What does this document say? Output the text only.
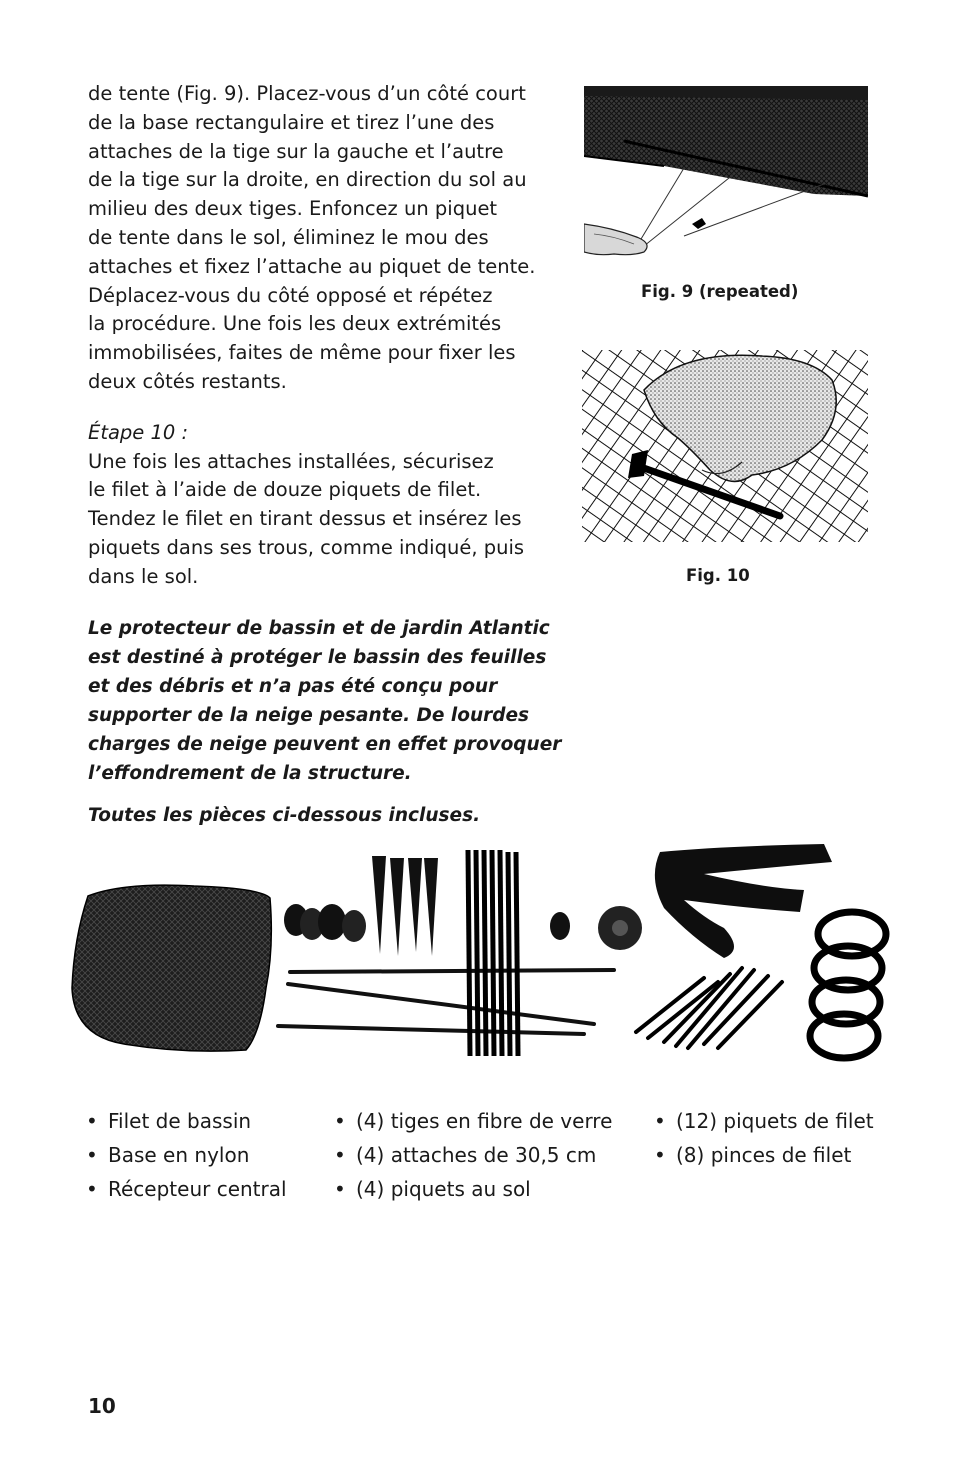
de tente (Fig. 9). Placez-vous d’un côté court
de la base rectangulaire et tirez l’une des
attaches de la tige sur la gauche et l’autre
de la tige sur la droite, en direction du sol au
milieu des deux tiges. Enfoncez un piquet
de tente dans le sol, éliminez le mou des
attaches et fixez l’attache au piquet de tente.
Déplacez-vous du côté opposé et répétez
la procédure. Une fois les deux extrémités
immobilisées, faites de même pour fixer les
deux côtés restants.

Étape 10 :

Une fois les attaches installées, sécurisez
le filet à l’aide de douze piquets de filet.
Tendez le filet en tirant dessus et insérez les
piquets dans ses trous, comme indiqué, puis
dans le sol.

Le protecteur de bassin et de jardin Atlantic
est destiné à protéger le bassin des feuilles
et des débris et n’a pas été conçu pour
supporter de la neige pesante. De lourdes
charges de neige peuvent en effet provoquer
l’effondrement de la structure.

Toutes les pièces ci-dessous incluses.
Fig. 9 (repeated)
Fig. 10
• Filet de bassin
• Base en nylon
• Récepteur central
• (4) tiges en fibre de verre
• (4) attaches de 30,5 cm
• (4) piquets au sol
• (12) piquets de filet
• (8) pinces de filet
10
